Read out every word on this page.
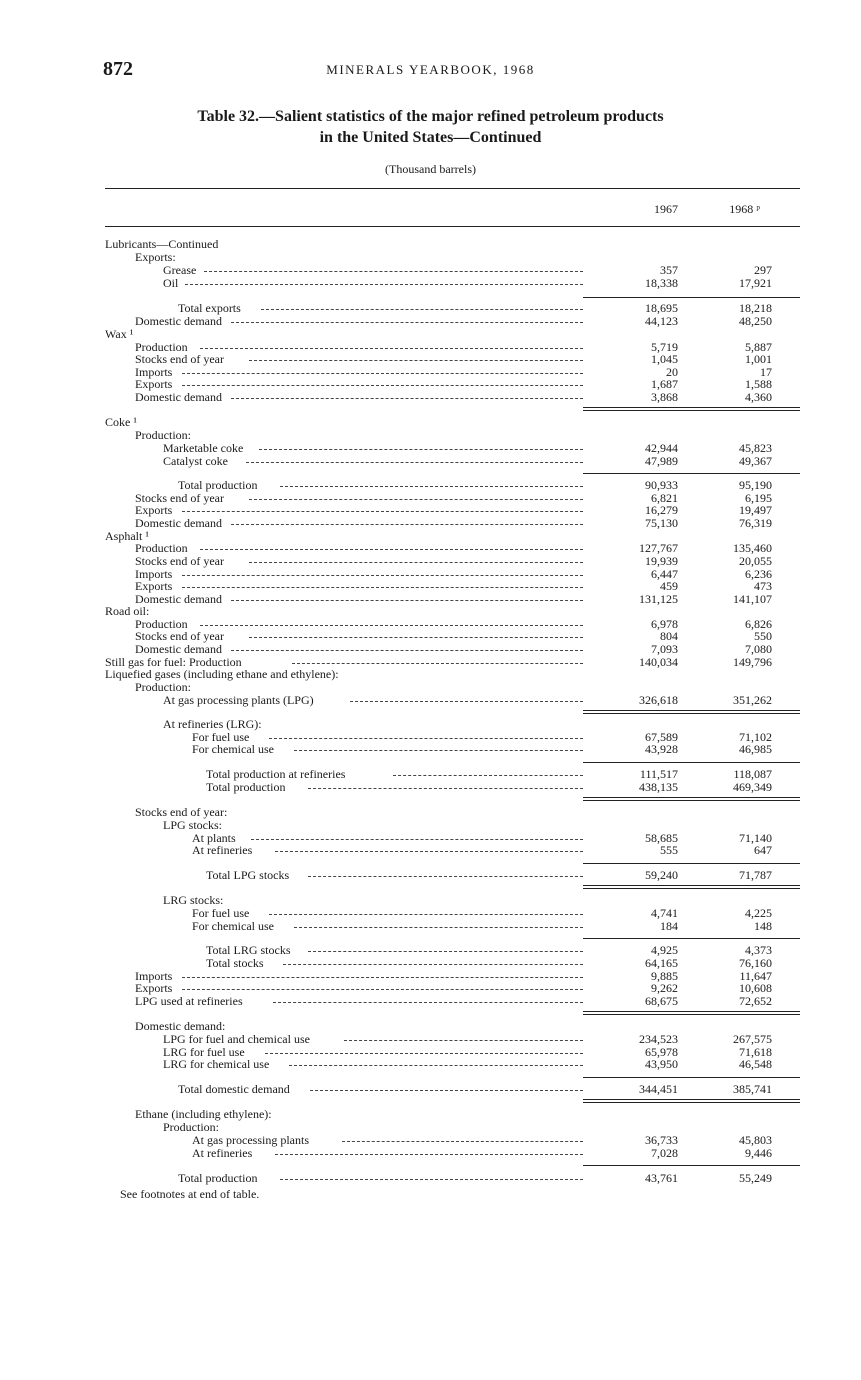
872	MINERALS YEARBOOK, 1968
Table 32.—Salient statistics of the major refined petroleum products
in the United States—Continued
(Thousand barrels)
1967	1968 ᵖ
Lubricants—Continued
Exports:
Grease	357	297
Oil	18,338	17,921
Total exports	18,695	18,218
Domestic demand	44,123	48,250
Wax ¹
Production	5,719	5,887
Stocks end of year	1,045	1,001
Imports	20	17
Exports	1,687	1,588
Domestic demand	3,868	4,360
Coke ¹
Production:
Marketable coke	42,944	45,823
Catalyst coke	47,989	49,367
Total production	90,933	95,190
Stocks end of year	6,821	6,195
Exports	16,279	19,497
Domestic demand	75,130	76,319
Asphalt ¹
Production	127,767	135,460
Stocks end of year	19,939	20,055
Imports	6,447	6,236
Exports	459	473
Domestic demand	131,125	141,107
Road oil:
Production	6,978	6,826
Stocks end of year	804	550
Domestic demand	7,093	7,080
Still gas for fuel: Production	140,034	149,796
Liquefied gases (including ethane and ethylene):
Production:
At gas processing plants (LPG)	326,618	351,262
At refineries (LRG):
For fuel use	67,589	71,102
For chemical use	43,928	46,985
Total production at refineries	111,517	118,087
Total production	438,135	469,349
Stocks end of year:
LPG stocks:
At plants	58,685	71,140
At refineries	555	647
Total LPG stocks	59,240	71,787
LRG stocks:
For fuel use	4,741	4,225
For chemical use	184	148
Total LRG stocks	4,925	4,373
Total stocks	64,165	76,160
Imports	9,885	11,647
Exports	9,262	10,608
LPG used at refineries	68,675	72,652
Domestic demand:
LPG for fuel and chemical use	234,523	267,575
LRG for fuel use	65,978	71,618
LRG for chemical use	43,950	46,548
Total domestic demand	344,451	385,741
Ethane (including ethylene):
Production:
At gas processing plants	36,733	45,803
At refineries	7,028	9,446
Total production	43,761	55,249
See footnotes at end of table.
